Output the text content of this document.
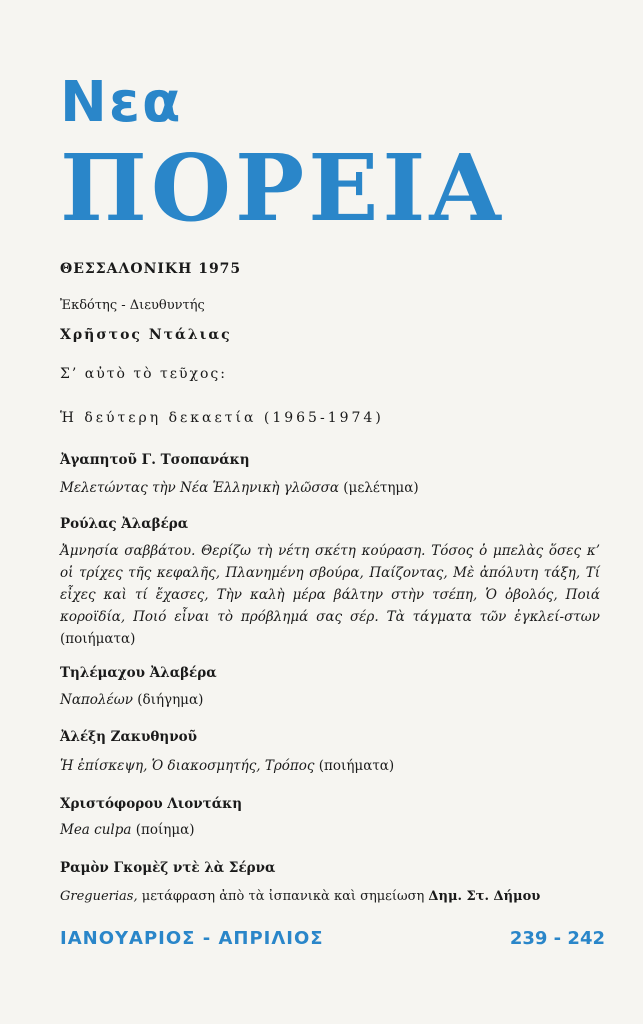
Νεα
ΠΟΡΕΙΑ
ΘΕΣΣΑΛΟΝΙΚΗ 1975
Ἐκδότης - Διευθυντής
Χρῆστος Ντάλιας
Σ’ αὐτὸ τὸ τεῦχος:
Ἡ δεύτερη δεκαετία (1965-1974)
Ἀγαπητοῦ Γ. Τσοπανάκη
Μελετώντας τὴν Νέα Ἑλληνικὴ γλῶσσα (μελέτημα)
Ρούλας Ἀλαβέρα
Ἀμνησία σαββάτου. Θερίζω τὴ νέτη σκέτη κούραση. Τόσος ὁ μπελὰς ὅσες κ’ οἱ τρίχες τῆς κεφαλῆς, Πλανημένη σβούρα, Παίζοντας, Μὲ ἀπόλυτη τάξη, Τί εἶχες καὶ τί ἔχασες, Τὴν καλὴ μέρα βάλτην στὴν τσέπη, Ὁ ὀβολός, Ποιά κοροϊδία, Ποιό εἶναι τὸ πρόβλημά σας σέρ. Τὰ τάγματα τῶν ἐγκλεί-στων (ποιήματα)
Τηλέμαχου Ἀλαβέρα
Ναπολέων (διήγημα)
Ἀλέξη Ζακυθηνοῦ
Ἡ ἐπίσκεψη, Ὁ διακοσμητής, Τρόπος (ποιήματα)
Χριστόφορου Λιοντάκη
Mea culpa (ποίημα)
Ραμὸν Γκομὲζ ντὲ λὰ Σέρνα
Greguerias, μετάφραση ἀπὸ τὰ ἰσπανικὰ καὶ σημείωση Δημ. Στ. Δήμου
ΙΑΝΟΥΑΡΙΟΣ - ΑΠΡΙΛΙΟΣ	239 - 242
